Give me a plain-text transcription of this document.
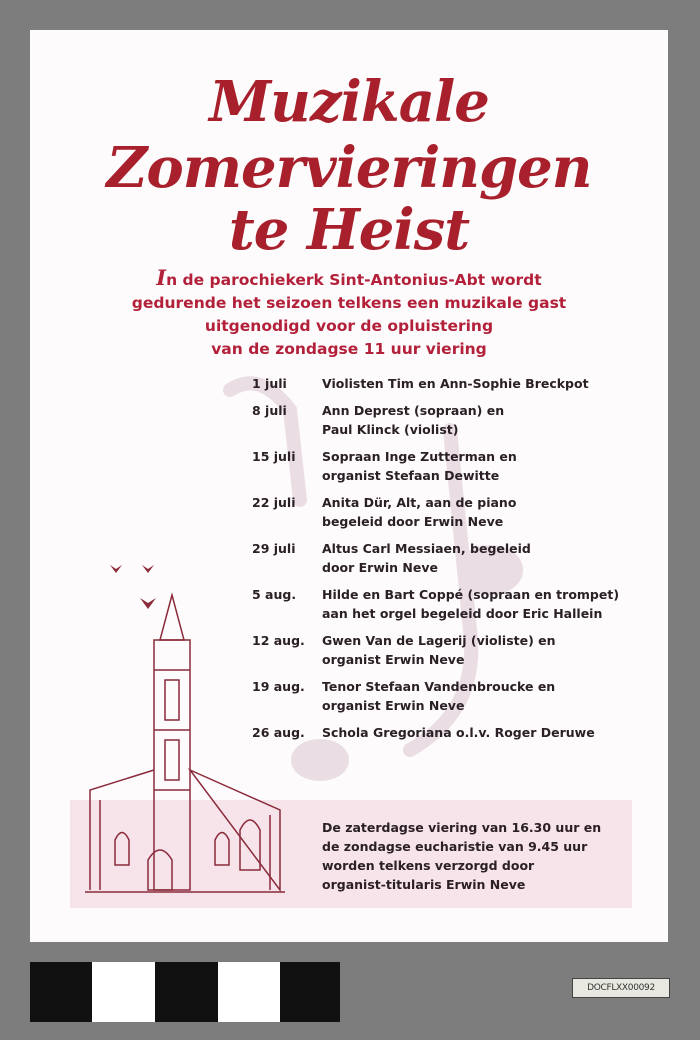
Muzikale
Zomervieringen
te Heist
In de parochiekerk Sint-Antonius-Abt wordt
gedurende het seizoen telkens een muzikale gast
uitgenodigd voor de opluistering
van de zondagse 11 uur viering
1 juli	Violisten Tim en Ann-Sophie Breckpot
8 juli	Ann Deprest (sopraan) en
Paul Klinck (violist)
15 juli	Sopraan Inge Zutterman en
organist Stefaan Dewitte
22 juli	Anita Dür, Alt, aan de piano
begeleid door Erwin Neve
29 juli	Altus Carl Messiaen, begeleid
door Erwin Neve
5 aug.	Hilde en Bart Coppé (sopraan en trompet)
aan het orgel begeleid door Eric Hallein
12 aug.	Gwen Van de Lagerij (violiste) en
organist Erwin Neve
19 aug.	Tenor Stefaan Vandenbroucke en
organist Erwin Neve
26 aug.	Schola Gregoriana o.l.v. Roger Deruwe
De zaterdagse viering van 16.30 uur en
de zondagse eucharistie van 9.45 uur
worden telkens verzorgd door
organist-titularis Erwin Neve
DOCFLXX00092
